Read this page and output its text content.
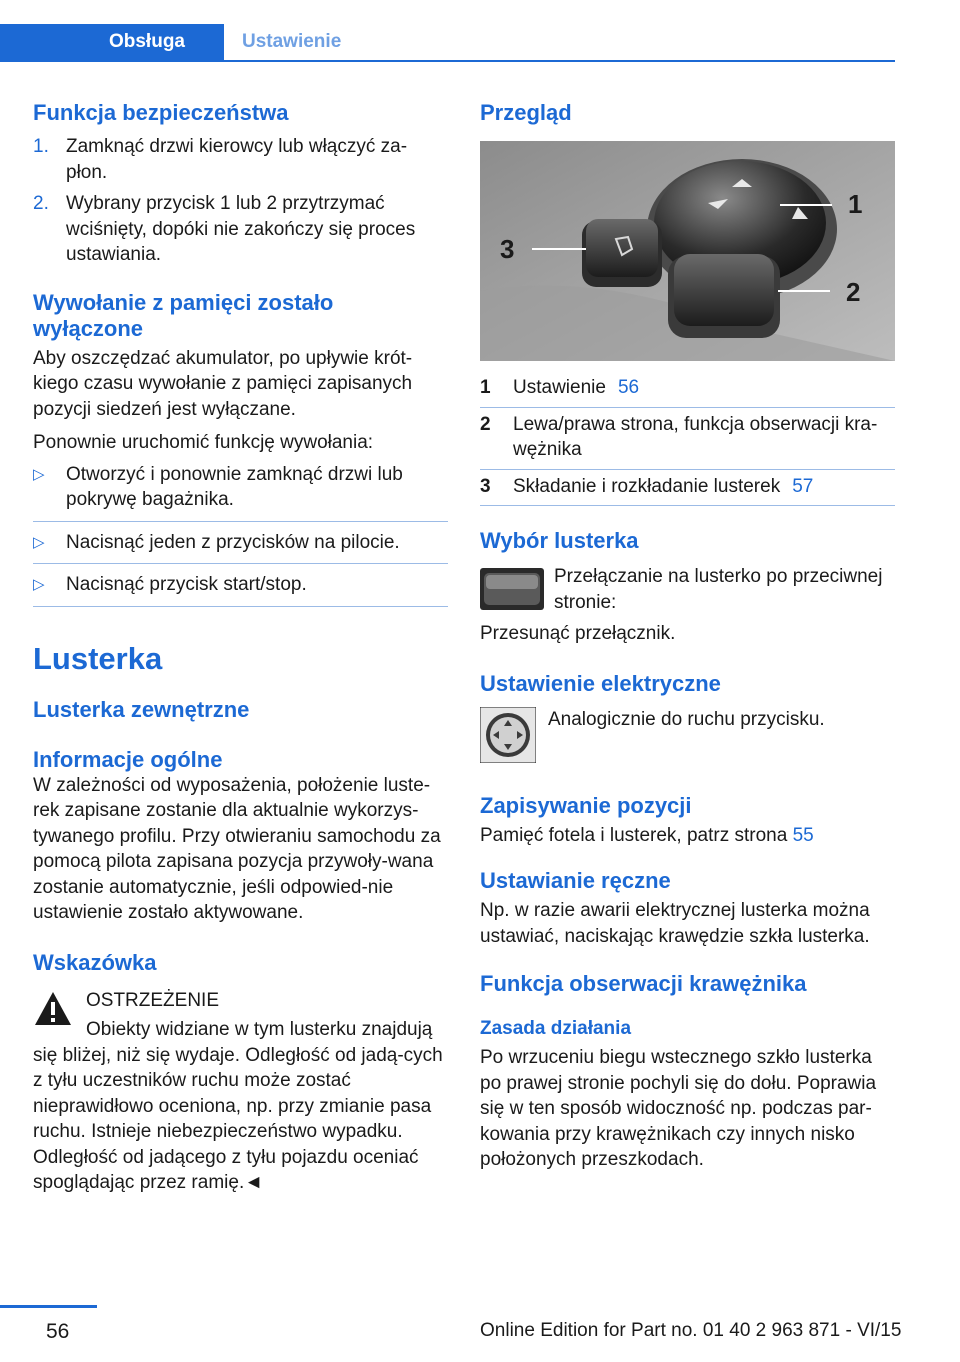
Obsługa	Ustawienie
Funkcja bezpieczeństwa
1. Zamknąć drzwi kierowcy lub włączyć za-płon.
2. Wybrany przycisk 1 lub 2 przytrzymać wciśnięty, dopóki nie zakończy się proces ustawiania.
Wywołanie z pamięci zostało wyłączone

Aby oszczędzać akumulator, po upływie krót-kiego czasu wywołanie z pamięci zapisanych pozycji siedzeń jest wyłączane.

Ponownie uruchomić funkcję wywołania:

▷ Otworzyć i ponownie zamknąć drzwi lub pokrywę bagażnika.
▷ Nacisnąć jeden z przycisków na pilocie.
▷ Nacisnąć przycisk start/stop.
Lusterka
Lusterka zewnętrzne
Informacje ogólne

W zależności od wyposażenia, położenie luste-rek zapisane zostanie dla aktualnie wykorzys-tywanego profilu. Przy otwieraniu samochodu za pomocą pilota zapisana pozycja przywoły-wana zostanie automatycznie, jeśli odpowied-nie ustawienie zostało aktywowane.

Wskazówka

OSTRZEŻENIE

Obiekty widziane w tym lusterku znajdują

się bliżej, niż się wydaje. Odległość od jadą-cych z tyłu uczestników ruchu może zostać nieprawidłowo oceniona, np. przy zmianie pasa ruchu. Istnieje niebezpieczeństwo wypadku. Odległość od jadącego z tyłu pojazdu oceniać spoglądając przez ramię.◄

Przegląd
1
2
3
1	Ustawienie 56
2	Lewa/prawa strona, funkcja obserwacji kra-wężnika
3	Składanie i rozkładanie lusterek 57
Wybór lusterka

Przełączanie na lusterko po przeciwnej stronie:

Przesunąć przełącznik.

Ustawienie elektryczne

Analogicznie do ruchu przycisku.

Zapisywanie pozycji

Pamięć fotela i lusterek, patrz strona 55

Ustawianie ręczne

Np. w razie awarii elektrycznej lusterka można ustawiać, naciskając krawędzie szkła lusterka.

Funkcja obserwacji krawężnika
Zasada działania

Po wrzuceniu biegu wstecznego szkło lusterka po prawej stronie pochyli się do dołu. Poprawia się w ten sposób widoczność np. podczas par-kowania przy krawężnikach czy innych nisko położonych przeszkodach.

56	Online Edition for Part no. 01 40 2 963 871 - VI/15
